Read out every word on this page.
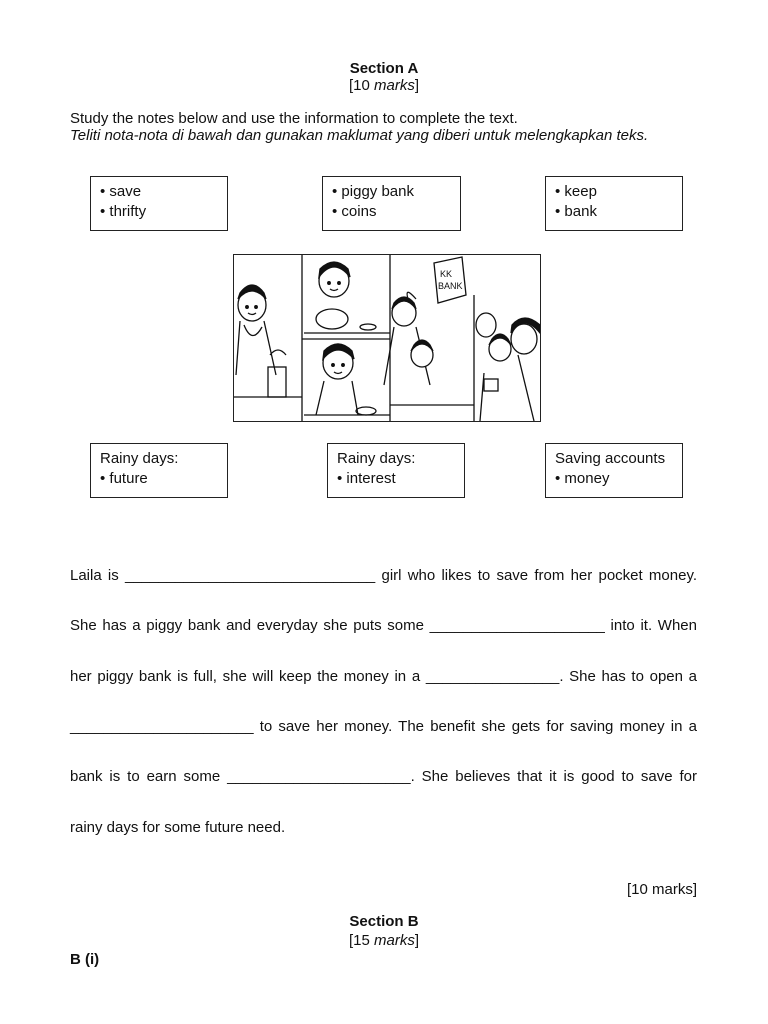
Section A
[10 marks]
Study the notes below and use the information to complete the text.
Teliti nota-nota di bawah dan gunakan maklumat yang diberi untuk melengkapkan teks.
• save
• thrifty
• piggy bank
• coins
• keep
• bank
KK
BANK
Rainy days:
• future
Rainy days:
• interest
Saving accounts
• money
Laila is ______________________________ girl who likes to save from her pocket money.
She has a piggy bank and everyday she puts some _____________________ into it. When
her piggy bank is full, she will keep the money in a ________________. She has to open a
______________________ to save her money. The benefit she gets for saving money in a
bank is to earn some ______________________. She believes that it is good to save for
rainy days for some future need.
[10 marks]
Section B
[15 marks]
B (i)
